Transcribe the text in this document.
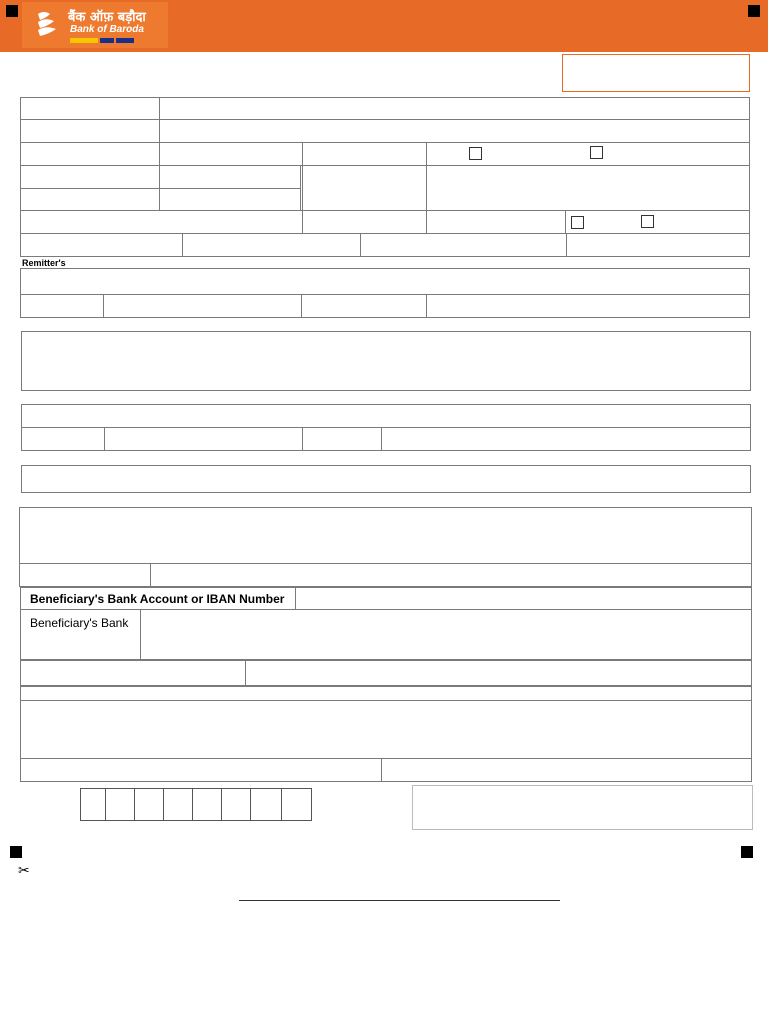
बैंक ऑफ़ बड़ौदा
Bank of Baroda
Remitter's
Beneficiary's Bank Account or IBAN Number
Beneficiary's Bank
✂
